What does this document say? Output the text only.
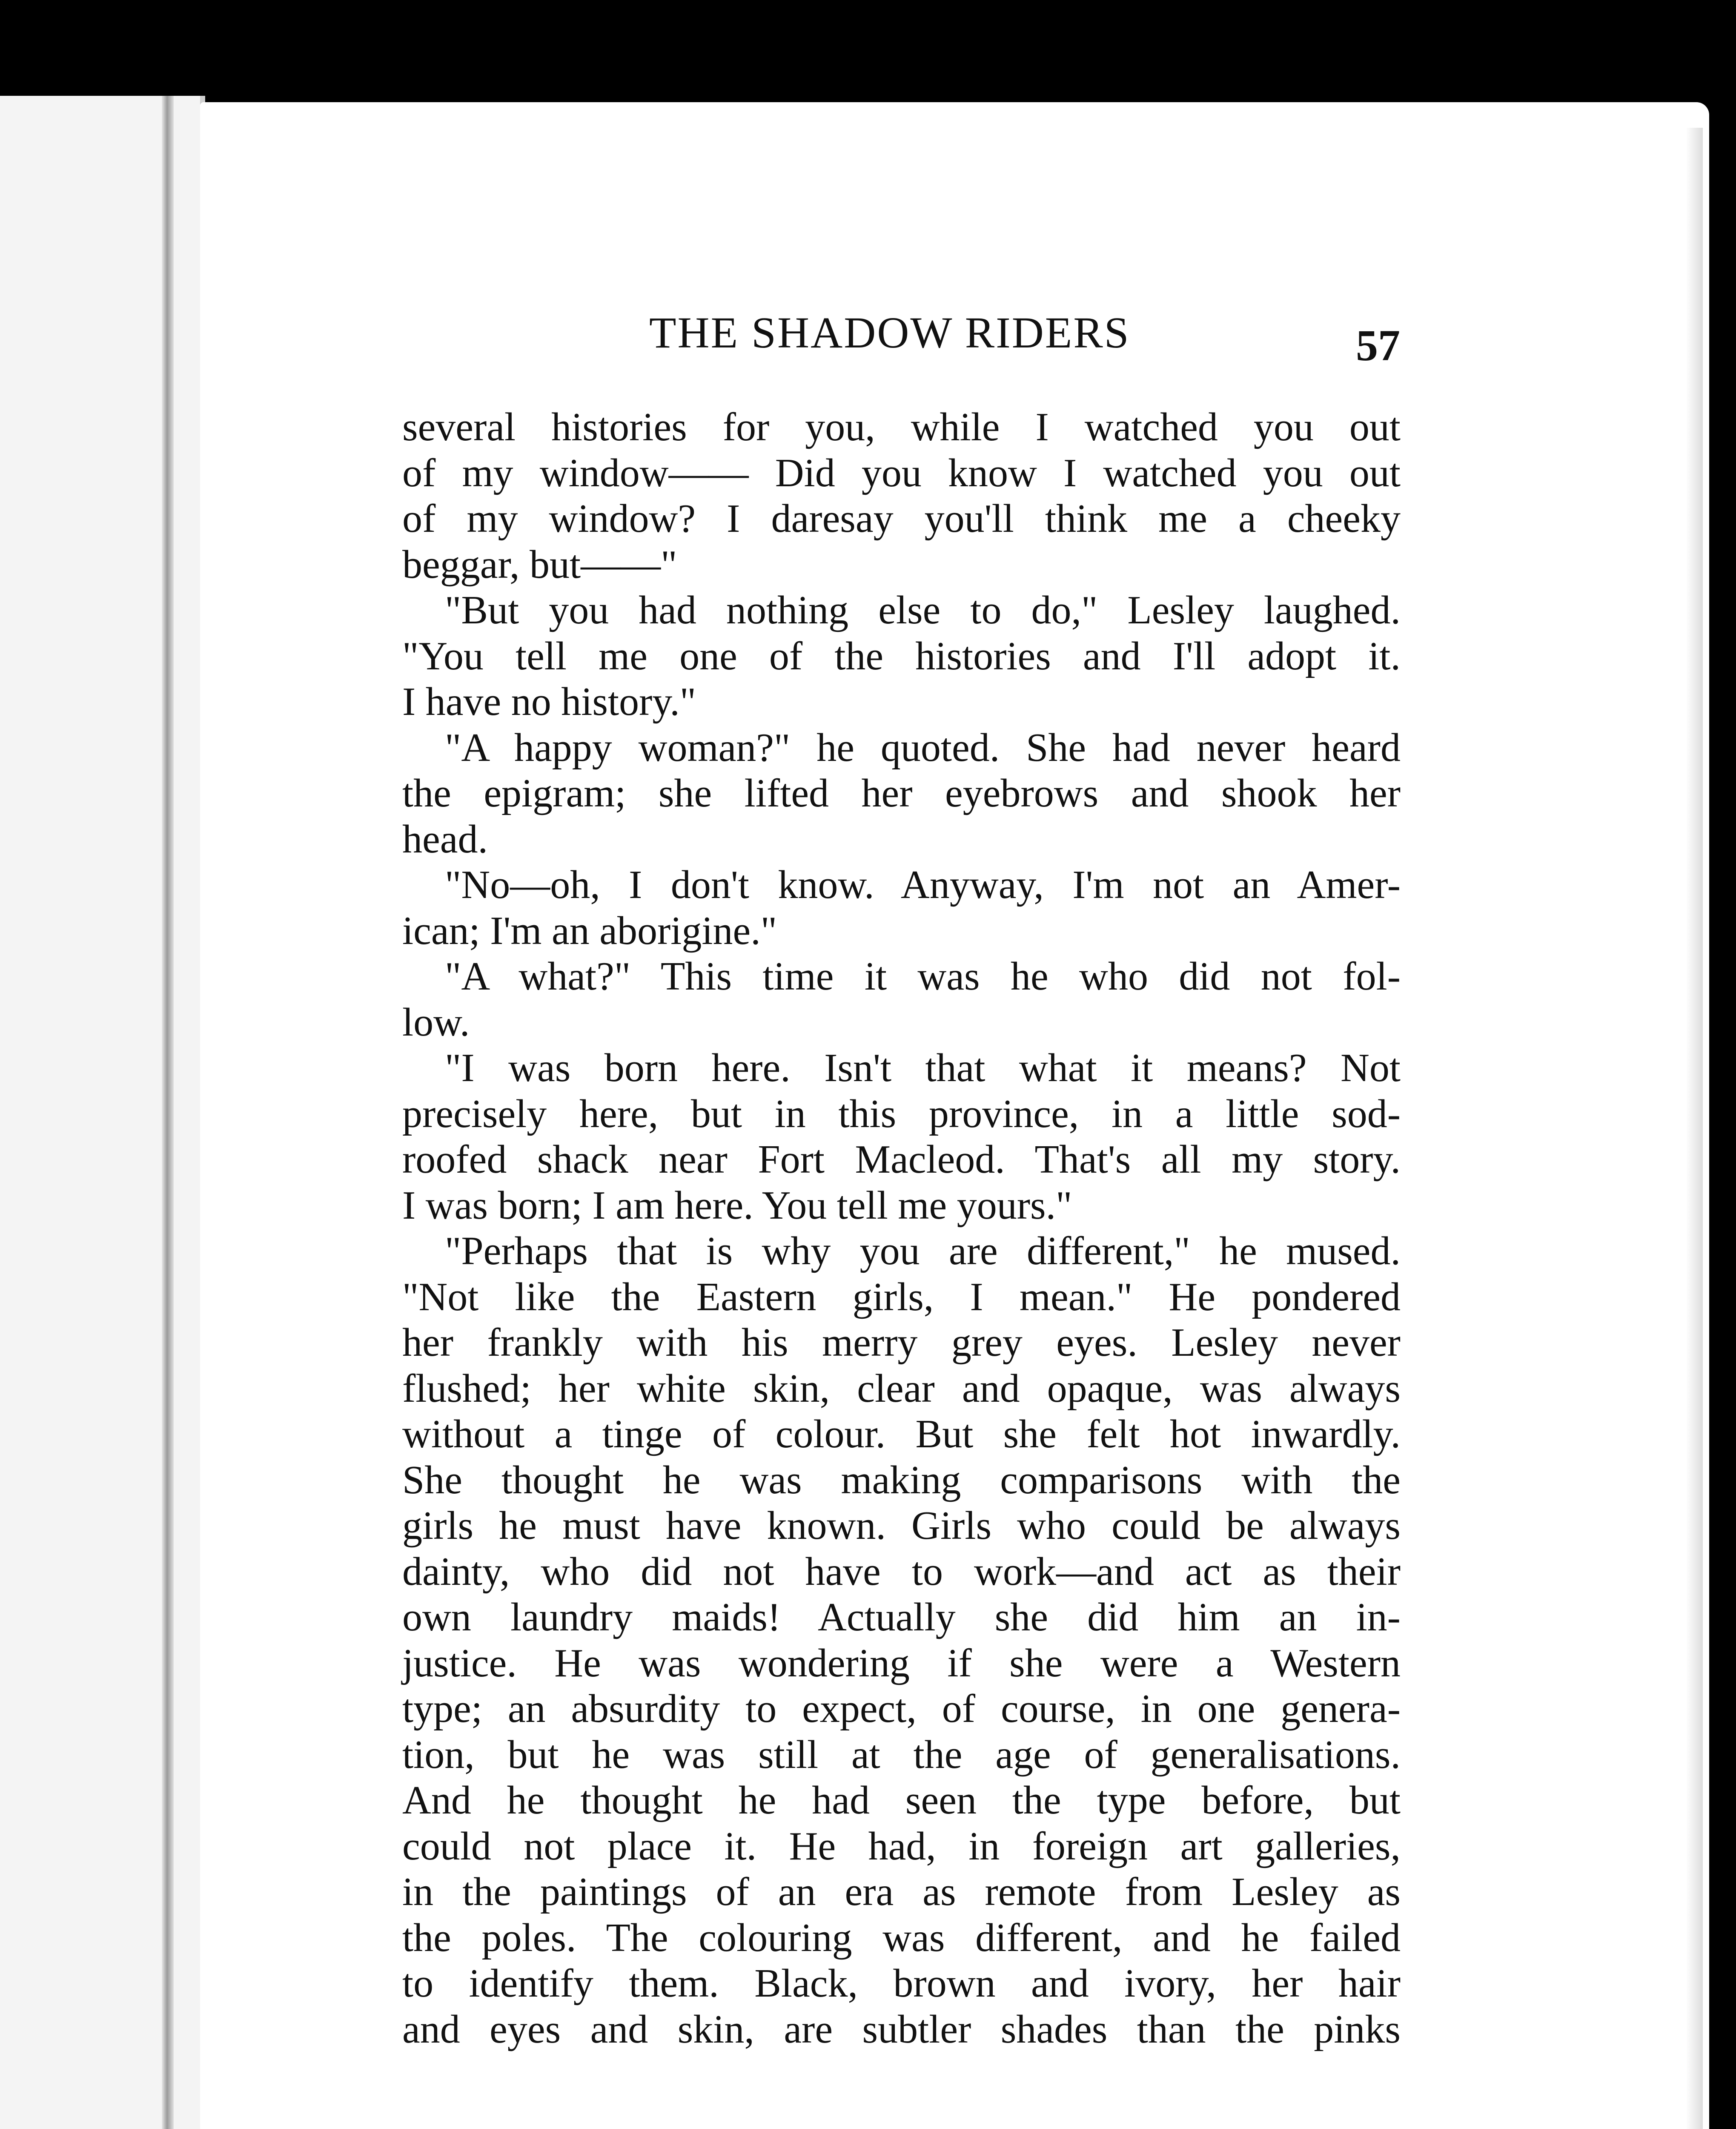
THE SHADOW RIDERS	57

several histories for you, while I watched you out

of my window—— Did you know I watched you out

of my window? I daresay you'll think me a cheeky

beggar, but——"

"But you had nothing else to do," Lesley laughed.

"You tell me one of the histories and I'll adopt it.

I have no history."

"A happy woman?" he quoted. She had never heard

the epigram; she lifted her eyebrows and shook her

head.

"No—oh, I don't know. Anyway, I'm not an Amer-

ican; I'm an aborigine."

"A what?" This time it was he who did not fol-

low.

"I was born here. Isn't that what it means? Not

precisely here, but in this province, in a little sod-

roofed shack near Fort Macleod. That's all my story.

I was born; I am here. You tell me yours."

"Perhaps that is why you are different," he mused.

"Not like the Eastern girls, I mean." He pondered

her frankly with his merry grey eyes. Lesley never

flushed; her white skin, clear and opaque, was always

without a tinge of colour. But she felt hot inwardly.

She thought he was making comparisons with the

girls he must have known. Girls who could be always

dainty, who did not have to work—and act as their

own laundry maids! Actually she did him an in-

justice. He was wondering if she were a Western

type; an absurdity to expect, of course, in one genera-

tion, but he was still at the age of generalisations.

And he thought he had seen the type before, but

could not place it. He had, in foreign art galleries,

in the paintings of an era as remote from Lesley as

the poles. The colouring was different, and he failed

to identify them. Black, brown and ivory, her hair

and eyes and skin, are subtler shades than the pinks
